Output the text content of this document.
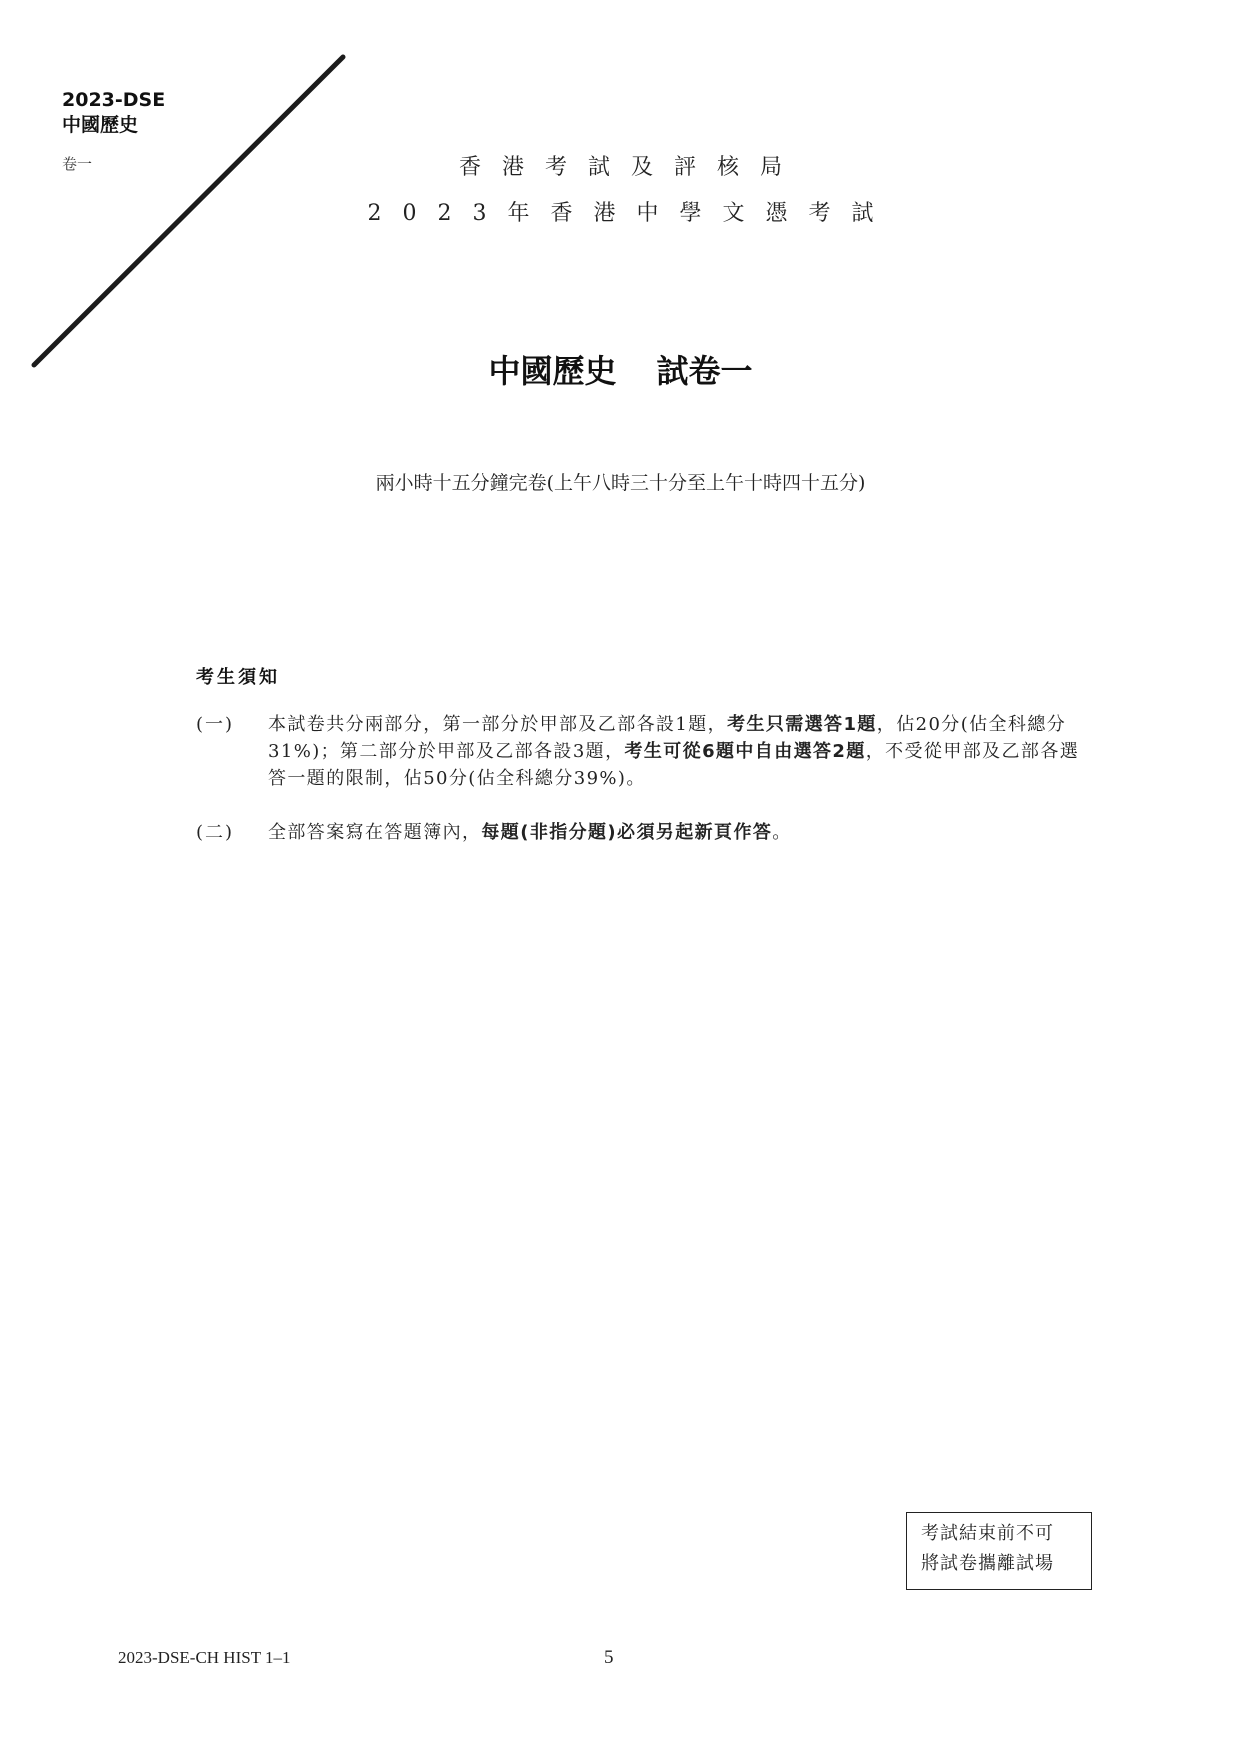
2023-DSE
中國歷史
卷一	香港考試及評核局
2023年香港中學文憑考試
中國歷史 試卷一
兩小時十五分鐘完卷(上午八時三十分至上午十時四十五分)
考生須知
(一) 本試卷共分兩部分，第一部分於甲部及乙部各設1題，考生只需選答1題，佔20分(佔全科總分31%)；第二部分於甲部及乙部各設3題，考生可從6題中自由選答2題，不受從甲部及乙部各選答一題的限制，佔50分(佔全科總分39%)。
(二) 全部答案寫在答題簿內，每題(非指分題)必須另起新頁作答。
考試結束前不可
將試卷攜離試場
2023-DSE-CH HIST 1–1	5
